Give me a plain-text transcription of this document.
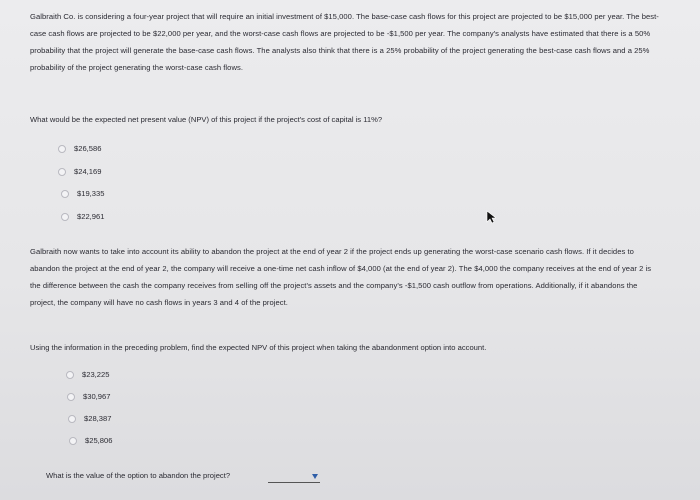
Galbraith Co. is considering a four-year project that will require an initial investment of $15,000. The base-case cash flows for this project are projected to be $15,000 per year. The best-case cash flows are projected to be $22,000 per year, and the worst-case cash flows are projected to be -$1,500 per year. The company's analysts have estimated that there is a 50% probability that the project will generate the base-case cash flows. The analysts also think that there is a 25% probability of the project generating the best-case cash flows and a 25% probability of the project generating the worst-case cash flows.
What would be the expected net present value (NPV) of this project if the project's cost of capital is 11%?
$26,586
$24,169
$19,335
$22,961
Galbraith now wants to take into account its ability to abandon the project at the end of year 2 if the project ends up generating the worst-case scenario cash flows. If it decides to abandon the project at the end of year 2, the company will receive a one-time net cash inflow of $4,000 (at the end of year 2). The $4,000 the company receives at the end of year 2 is the difference between the cash the company receives from selling off the project's assets and the company's -$1,500 cash outflow from operations. Additionally, if it abandons the project, the company will have no cash flows in years 3 and 4 of the project.
Using the information in the preceding problem, find the expected NPV of this project when taking the abandonment option into account.
$23,225
$30,967
$28,387
$25,806
What is the value of the option to abandon the project?
